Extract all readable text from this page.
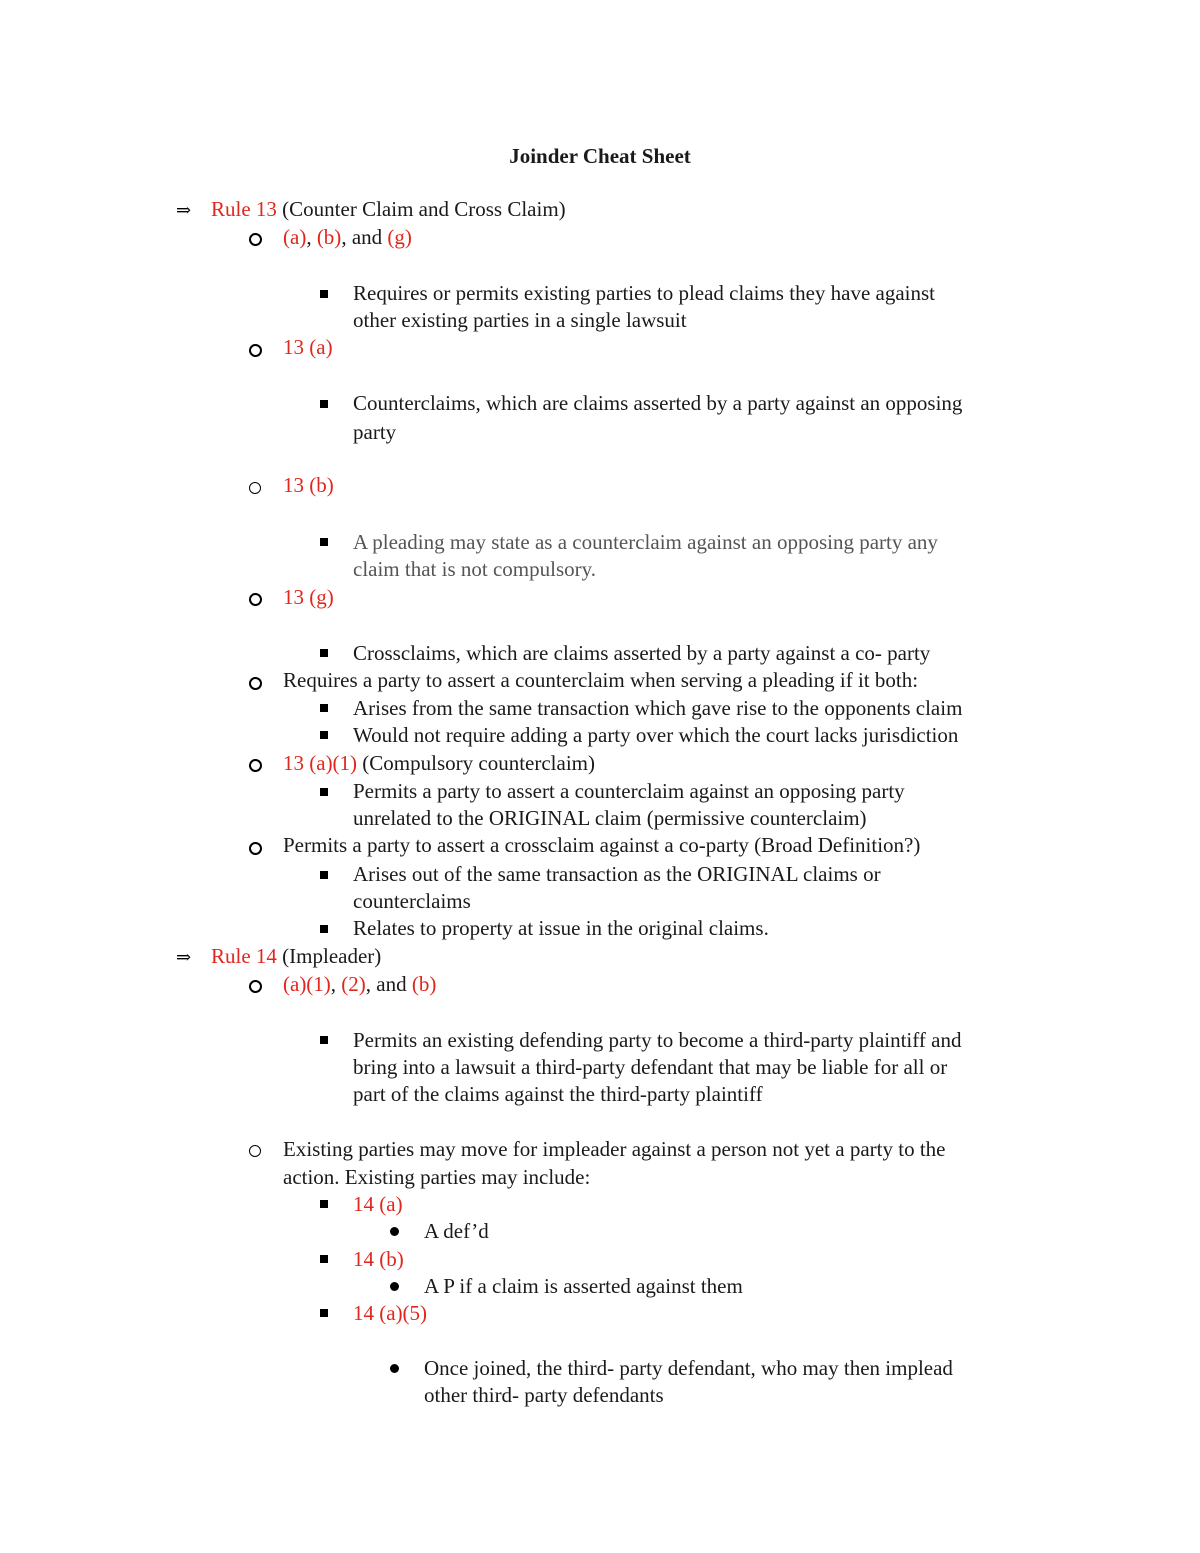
Joinder Cheat Sheet
⇒ Rule 13 (Counter Claim and Cross Claim)
(a), (b), and (g)
Requires or permits existing parties to plead claims they have against
other existing parties in a single lawsuit
13 (a)
Counterclaims, which are claims asserted by a party against an opposing
party
13 (b)
A pleading may state as a counterclaim against an opposing party any
claim that is not compulsory.
13 (g)
Crossclaims, which are claims asserted by a party against a co- party
Requires a party to assert a counterclaim when serving a pleading if it both:
Arises from the same transaction which gave rise to the opponents claim
Would not require adding a party over which the court lacks jurisdiction
13 (a)(1) (Compulsory counterclaim)
Permits a party to assert a counterclaim against an opposing party
unrelated to the ORIGINAL claim (permissive counterclaim)
Permits a party to assert a crossclaim against a co-party (Broad Definition?)
Arises out of the same transaction as the ORIGINAL claims or
counterclaims
Relates to property at issue in the original claims.
⇒ Rule 14 (Impleader)
(a)(1), (2), and (b)
Permits an existing defending party to become a third-party plaintiff and
bring into a lawsuit a third-party defendant that may be liable for all or
part of the claims against the third-party plaintiff
Existing parties may move for impleader against a person not yet a party to the
action. Existing parties may include:
14 (a)
A def’d
14 (b)
A P if a claim is asserted against them
14 (a)(5)
Once joined, the third- party defendant, who may then implead
other third- party defendants
